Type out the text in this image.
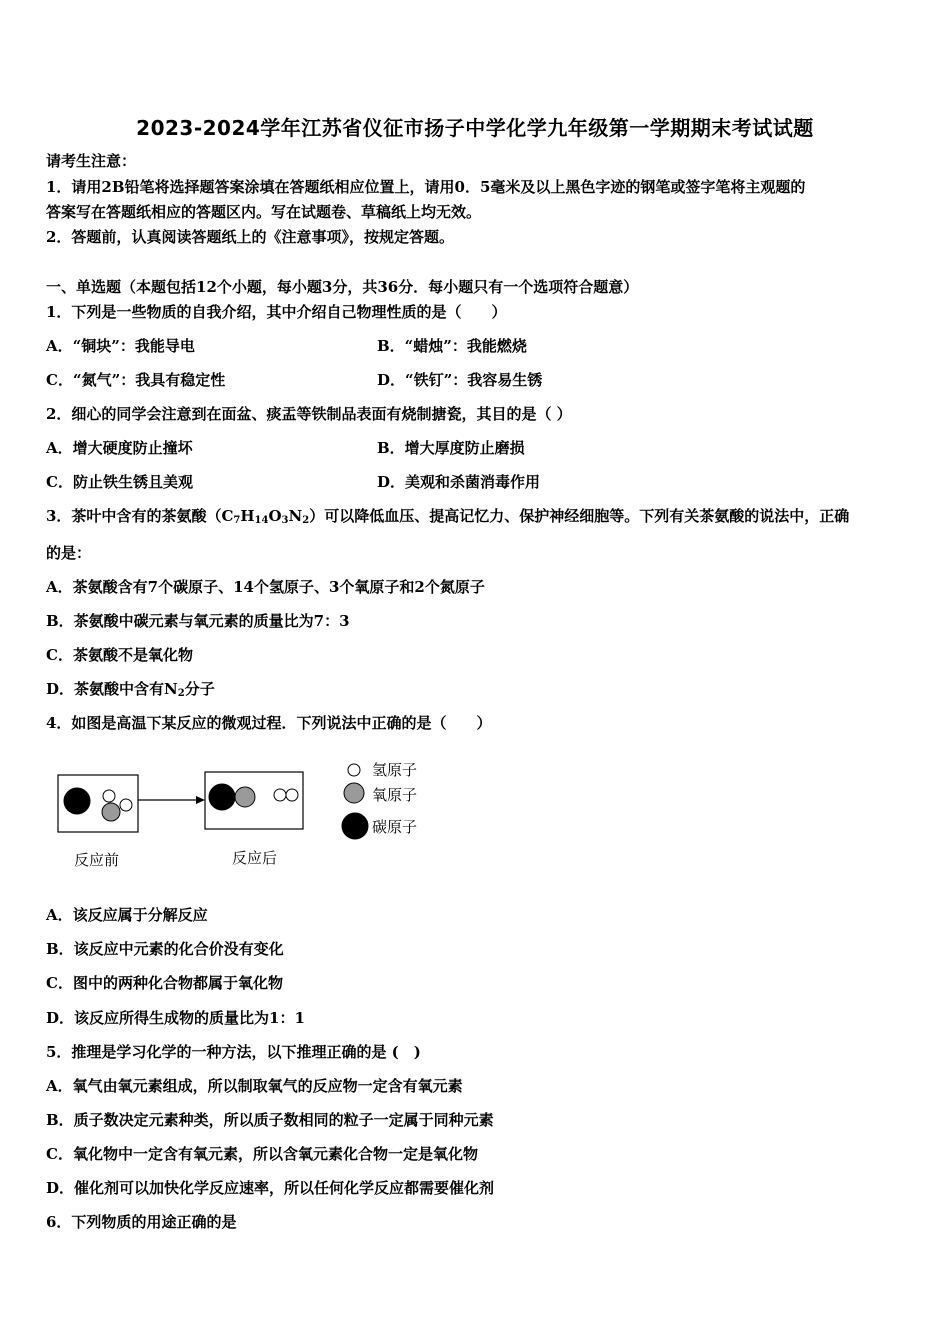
2023-2024学年江苏省仪征市扬子中学化学九年级第一学期期末考试试题
请考生注意：
1．请用2B铅笔将选择题答案涂填在答题纸相应位置上，请用0．5毫米及以上黑色字迹的钢笔或签字笔将主观题的
答案写在答题纸相应的答题区内。写在试题卷、草稿纸上均无效。
2．答题前，认真阅读答题纸上的《注意事项》，按规定答题。
一、单选题（本题包括12个小题，每小题3分，共36分．每小题只有一个选项符合题意）
1．下列是一些物质的自我介绍，其中介绍自己物理性质的是（　　）
A．“铜块”：我能导电	B．“蜡烛”：我能燃烧
C．“氮气”：我具有稳定性	D．“铁钉”：我容易生锈
2．细心的同学会注意到在面盆、痰盂等铁制品表面有烧制搪瓷，其目的是（ ）
A．增大硬度防止撞坏	B．增大厚度防止磨损
C．防止铁生锈且美观	D．美观和杀菌消毒作用
3．茶叶中含有的茶氨酸$(C_7H_{14}O_3N_2)$可以降低血压、提高记忆力、保护神经细胞等。下列有关茶氨酸的说法中，正确
的是：
A．茶氨酸含有7个碳原子、14个氢原子、3个氧原子和2个氮原子
B．茶氨酸中碳元素与氧元素的质量比为7：3
C．茶氨酸不是氧化物
D．茶氨酸中含有$N_2$分子
4．如图是高温下某反应的微观过程．下列说法中正确的是（　　）
氢原子
氧原子
碳原子
反应前	反应后
A．该反应属于分解反应
B．该反应中元素的化合价没有变化
C．图中的两种化合物都属于氧化物
D．该反应所得生成物的质量比为1：1
5．推理是学习化学的一种方法，以下推理正确的是 (　)
A．氧气由氧元素组成，所以制取氧气的反应物一定含有氧元素
B．质子数决定元素种类，所以质子数相同的粒子一定属于同种元素
C．氧化物中一定含有氧元素，所以含氧元素化合物一定是氧化物
D．催化剂可以加快化学反应速率，所以任何化学反应都需要催化剂
6．下列物质的用途正确的是
